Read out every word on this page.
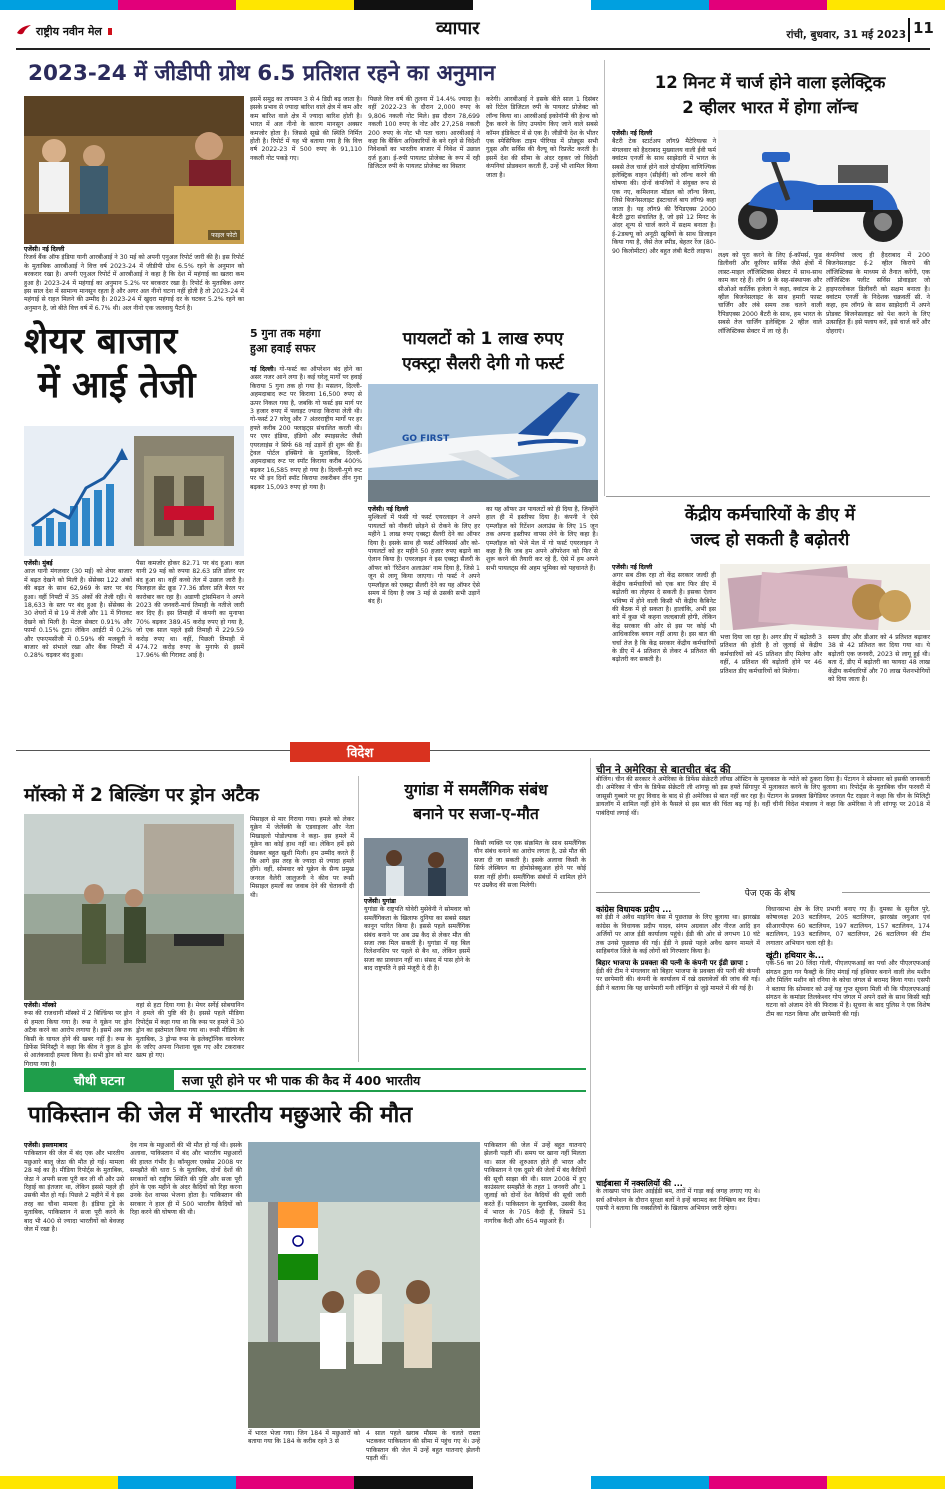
राष्ट्रीय नवीन मेल	व्यापार	रांची, बुधवार, 31 मई 2023 11
2023-24 में जीडीपी ग्रोथ 6.5 प्रतिशत रहने का अनुमान
फाइल फोटो
एजेंसी। नई दिल्ली
रिजर्व बैंक ऑफ इंडिया यानी आरबीआई ने 30 मई को अपनी एनुअल रिपोर्ट जारी की है। इस रिपोर्ट के मुताबिक आरबीआई ने वित्त वर्ष 2023-24 में जीडीपी ग्रोथ 6.5% रहने के अनुमान को बरकरार रखा है। अपनी एनुअल रिपोर्ट में आरबीआई ने कहा है कि देश में महंगाई का खतरा कम हुआ है। 2023-24 में महंगाई का अनुमान 5.2% पर बरकरार रखा है। रिपोर्ट के मुताबिक अगर इस साल देश में सामान्य मानसून रहता है और अगर अल नीनो घटना नहीं होती है तो 2023-24 में महंगाई से राहत मिलने की उम्मीद है। 2023-24 में खुदरा महंगाई दर के घटकर 5.2% रहने का अनुमान है, जो बीते वित्त वर्ष में 6.7% थी। अल नीनो एक जलवायु पैटर्न है।
इसमें समुद्र का तापमान 3 से 4 डिग्री बढ़ जाता है। इसके प्रभाव से ज्यादा बारिश वाले क्षेत्र में कम और कम बारिश वाले क्षेत्र में ज्यादा बारिश होती है। भारत में अल नीनो के कारण मानसून अक्सर कमजोर होता है। जिससे सूखे की स्थिति निर्मित होती है। रिपोर्ट में यह भी बताया गया है कि वित्त वर्ष 2022-23 में 500 रुपए के 91,110 नकली नोट पकड़े गए।
पिछले वित्त वर्ष की तुलना में 14.4% ज्यादा है। वहीं 2022-23 के दौरान 2,000 रुपए के 9,806 नकली नोट मिले। इस दौरान 78,699 नकली 100 रुपए के नोट और 27,258 नकली 200 रुपए के नोट भी पता चला। आरबीआई ने कहा कि बैंकिंग अधिकारियों के बने रहने से विदेशी निवेशकों का भारतीय बाजार में निवेश में उछाल दर्ज हुआ। ई-रुपी पायलट प्रोजेक्ट के रूप में रही डिजिटल रुपी के पायलट प्रोजेक्ट का विस्तार
करेगी। आरबीआई ने इसके बीते साल 1 दिसंबर को रिटेल डिजिटल रुपी के पायलट प्रोजेक्ट को लॉन्च किया था। आरबीआई इकोनॉमी की हेल्थ को ट्रैक करने के लिए उपयोग किए जाने वाले सबसे कॉमन इंडिकेटर में से एक है। जीडीपी देश के भीतर एक स्पेसिफिक टाइम पीरियड में प्रोड्यूस सभी गुड्स और सर्विस की वैल्यू को रिप्रजेंट करती है। इसमें देश की सीमा के अंदर रहकर जो विदेशी कंपनियां प्रोडक्शन करती हैं, उन्हें भी शामिल किया जाता है।
12 मिनट में चार्ज होने वाला इलेक्ट्रिक
2 व्हीलर भारत में होगा लॉन्च
एजेंसी। नई दिल्ली
बैटरी टेक स्टार्टअप लॉग9 मैटेरियल्स ने मंगलवार को हैदराबाद मुख्यालय वाली ईवी फर्म क्वांटम एनर्जी के साथ साझेदारी में भारत के सबसे तेज चार्ज होने वाले दोपहिया वाणिज्यिक इलेक्ट्रिक वाहन (सीईवी) को लॉन्च करने की घोषणा की। दोनों कंपनियों ने संयुक्त रूप से एक नए, कमिशनल मॉडल को लॉन्च किया, जिसे बिजनेसलाइट इंस्टाचार्ज बाय लॉग9 कहा जाता है। यह लॉग9 की रैपिडएक्स 2000 बैटरी द्वारा संचालित है, जो इसे 12 मिनट के अंदर शून्य से चार्ज करने में सक्षम बनाता है। ई-2डब्ल्यू को अनूठी खूबियों के साथ डिजाइन किया गया है, जैसे तेज स्पीड, बेहतर रेंज (80-90 किलोमीटर) और बहुत लंबी बैटरी लाइफ।
लक्ष्य को पूरा करने के लिए ई-कॉमर्स, फूड डिलीवरी और कूरियर सर्विस जैसे क्षेत्रों में लास्ट-माइल लॉजिस्टिक्स सेक्टर में साथ-साथ काम कर रहे हैं। लॉग 9 के सह-संस्थापक और सीओओ कार्तिक हजेला ने कहा, क्वांटम के 2 व्हील बिजनेसलाइट के साथ हमारी फास्ट चार्जिंग और लंबे समय तक चलने वाली रैपिडएक्स 2000 बैटरी के साथ, हम भारत के सबसे तेज चार्जिंग इलेक्ट्रिक 2 व्हील वाले लॉजिस्टिक्स सेक्टर में ला रहे हैं।
कंपनियां जल्द ही हैदराबाद में 200 बिजनेसलाइट ई-2 व्हील किराये की लॉजिस्टिक्स के माध्यम से तैनात करेंगी, एक लॉजिस्टिक फ्लीट सर्विस प्रोवाइडर जो हाइपरलोकल डिलीवरी को सक्षम बनाता है। क्वांटम एनर्जी के निदेशक चक्रवर्ती सी. ने कहा, हम लॉग9 के साथ साझेदारी में अपने प्रोडक्ट बिजनेसलाइट को पेश करने के लिए उत्साहित हैं। इसे फ्लाय करें, इसे चार्ज करें और दोहराएं।
शेयर बाजार
में आई तेजी
एजेंसी। मुंबई
आज यानी मंगलवार (30 मई) को शेयर बाजार में बढ़त देखने को मिली है। सेंसेक्स 122 अंकों की बढ़त के साथ 62,969 के स्तर पर बंद हुआ। वहीं निफ्टी में 35 अंकों की तेजी रही। ये 18,633 के स्तर पर बंद हुआ है। सेंसेक्स के 30 शेयरों में से 19 में तेजी और 11 में गिरावट देखने को मिली है। मेटल सेक्टर 0.91% और फार्मा 0.15% टूटा। लेकिन आईटी में 0.2% और एफएमसीजी में 0.59% की मजबूती ने बाजार को संभाले रखा और बैंक निफ्टी में 0.28% चढ़कर बंद हुआ।
पैसा कमजोर होकर 82.71 पर बंद हुआ। कल यानी 29 मई को रुपया 82.63 प्रति डॉलर पर बंद हुआ था। वहीं कच्चे तेल में उछाल जारी है। फिलहाल ब्रेंट क्रूड 77.36 डॉलर प्रति बैरल पर कारोबार कर रहा है। अडाणी ट्रांसमिशन ने अपने 2023 की जनवरी-मार्च तिमाही के नतीजे जारी कर दिए हैं। इस तिमाही में कंपनी का मुनाफा 70% बढ़कर 389.45 करोड़ रुपए हो गया है, जो एक साल पहले इसी तिमाही में 229.59 करोड़ रुपए था। वहीं, पिछली तिमाही में 474.72 करोड़ रुपए के मुनाफे से इसमें 17.96% की गिरावट आई है।
5 गुना तक महंगा
हुआ हवाई सफर
नई दिल्ली। गो-फर्स्ट का ऑपरेशन बंद होने का असर नजर आने लगा है। कई घरेलू मार्गों पर हवाई किराया 5 गुना तक हो गया है। मसलन, दिल्ली-अहमदाबाद रूट पर किराया 16,500 रुपए से ऊपर निकल गया है, जबकि गो फर्स्ट इस मार्ग पर 3 हजार रुपए में फ्लाइट ज्यादा किराया लेती थी। गो-फर्स्ट 27 घरेलू और 7 अंतरराष्ट्रीय मार्गों पर हर हफ्ते करीब 200 फ्लाइट्स संचालित करती थी। पर एयर इंडिया, इंडिगो और स्पाइसजेट जैसी एयरलाइंस ने सिर्फ 68 नई उड़ानें ही शुरू की हैं। ट्रेवल पोर्टल इक्सिगो के मुताबिक, दिल्ली-अहमदाबाद रूट पर स्पॉट किराया करीब 400% बढ़कर 16,585 रुपए हो गया है। दिल्ली-पुणे रूट पर भी इन दिनों स्पॉट किराया तकरीबन तीन गुना बढ़कर 15,093 रुपए हो गया है।
पायलटों को 1 लाख रुपए
एक्स्ट्रा सैलरी देगी गो फर्स्ट
GO FIRST
एजेंसी। नई दिल्ली
मुश्किलों में फंसी गो फर्स्ट एयरलाइन ने अपने पायलटों को नौकरी छोड़ने से रोकने के लिए हर महीने 1 लाख रुपए एक्स्ट्रा सैलरी देने का ऑफर दिया है। इसके साथ ही फर्स्ट ऑफिसर्स और को-पायलटों को हर महीने 50 हजार रुपए बढ़ाने का ऐलान किया है। एयरलाइन ने इस एक्स्ट्रा सैलरी के ऑफर को 'रिटेंशन अलाउंस' नाम दिया है, जिसे 1 जून से लागू किया जाएगा। गो फर्स्ट ने अपने एम्प्लॉइज को एक्स्ट्रा सैलरी देने का यह ऑफर ऐसे समय में दिया है जब 3 मई से उसकी सभी उड़ानें बंद हैं।
का यह ऑफर उन पायलटों को ही दिया है, जिन्होंने हाल ही में इस्तीफा दिया है। कंपनी ने ऐसे एम्प्लॉइज को रिटेंशन अलाउंस के लिए 15 जून तक अपना इस्तीफा वापस लेने के लिए कहा है। एम्प्लॉइज को भेजे मेल में गो फर्स्ट एयरलाइन ने कहा है कि जब हम अपने ऑपरेशन को फिर से शुरू करने की तैयारी कर रहे हैं, ऐसे में हम अपने सभी पायलट्स की अहम भूमिका को पहचानते हैं।
केंद्रीय कर्मचारियों के डीए में
जल्द हो सकती है बढ़ोतरी
एजेंसी। नई दिल्ली
अगर सब ठीक रहा तो केंद्र सरकार जल्दी ही केंद्रीय कर्मचारियों को एक बार फिर डीए में बढ़ोतरी का तोहफा दे सकती है। इसका ऐलान भविष्य में होने वाली किसी भी केंद्रीय कैबिनेट की बैठक में हो सकता है। हालांकि, अभी इस बारे में कुछ भी कहना जल्दबाजी होगी, लेकिन केंद्र सरकार की ओर से इस पर कोई भी आधिकारिक बयान नहीं आया है। इस बात की चर्चा तेज है कि केंद्र सरकार केंद्रीय कर्मचारियों के डीए में 4 प्रतिशत से लेकर 4 प्रतिशत की बढ़ोतरी कर सकती है।
भत्ता दिया जा रहा है। अगर डीए में बढ़ोतरी 3 प्रतिशत की होती है तो जुलाई से केंद्रीय कर्मचारियों को 45 प्रतिशत डीए मिलेगा और वहीं, 4 प्रतिशत की बढ़ोतरी होने पर 46 प्रतिशत डीए कर्मचारियों को मिलेगा।
समय डीए और डीआर को 4 प्रतिशत बढ़ाकर 38 से 42 प्रतिशत कर दिया गया था। ये बढ़ोतरी एक जनवरी, 2023 से लागू हुई थी। बता दें, डीए में बढ़ोतरी का फायदा 48 लाख केंद्रीय कर्मचारियों और 70 लाख पेंशनभोगियों को दिया जाता है।
विदेश
मॉस्को में 2 बिल्डिंग पर ड्रोन अटैक
एजेंसी। मॉस्को
रूस की राजधानी मॉस्को में 2 बिल्डिंग्स पर ड्रोन से हमला किया गया है। रूस ने यूक्रेन पर ड्रोन अटैक करने का आरोप लगाया है। इसमें अब तक किसी के घायल होने की खबर नहीं है। रूस के डिफेंस मिनिस्ट्री ने कहा कि कीव ने कुल 8 ड्रोन से आतंकवादी हमला किया है। सभी ड्रोन को मार गिराया गया है।
मिसाइल से मार गिराया गया। हमले को लेकर यूक्रेन में जेलेंस्की के एडवाइजर और नेता मिखाइलो पोडोल्याक ने कहा- इस हमले में यूक्रेन का कोई हाथ नहीं था। लेकिन हमें इसे देखकर बहुत खुशी मिली। हम उम्मीद करते हैं कि आगे इस तरह के ज्यादा से ज्यादा हमले होंगे। वहीं, सोमवार को यूक्रेन के सैन्य प्रमुख जनरल वैलेरी जालुजनी ने कीव पर रूसी मिसाइल हमलों का जवाब देने की चेतावनी दी थी।
वहां से हटा दिया गया है। मेयर सर्गेई सोबयानिन ने हमले की पुष्टि की है। इससे पहले मीडिया रिपोर्ट्स में कहा गया था कि रूस पर हमले में 30 ड्रोन का इस्तेमाल किया गया था। रूसी मीडिया के मुताबिक, 3 ड्रोन्स रूस के इलेक्ट्रॉनिक वारफेयर के जरिए अपना निशाना चूक गए और टकराकर खत्म हो गए।
युगांडा में समलैंगिक संबंध
बनाने पर सजा-ए-मौत
एजेंसी। युगांडा
युगांडा के राष्ट्रपति योवेरी मुसेवेनी ने सोमवार को समलैंगिकता के खिलाफ दुनिया का सबसे सख्त कानून पारित किया है। इससे पहले समलैंगिक संबंध बनाने पर अब उम्र कैद से लेकर मौत की सजा तक मिल सकती है। युगांडा में यह बिल रिलेशनशिप पर पहले से बैन था, लेकिन इसमें सजा का प्रावधान नहीं था। संसद में पास होने के बाद राष्ट्रपति ने इसे मंजूरी दे दी है।
किसी व्यक्ति पर एक संक्रमित के साथ समलैंगिक यौन संबंध बनाने का आरोप लगता है, उसे मौत की सजा दी जा सकती है। इसके अलावा किसी के सिर्फ लेस्बियन या होमोसेक्सुअल होने पर कोई सजा नहीं होगी। समलैंगिक संबंधों में शामिल होने पर उम्रकैद की सजा मिलेगी।
चीन ने अमेरिका से बातचीत बंद की
बीजिंग। चीन की सरकार ने अमेरिका के डिफेंस सेक्रेटरी लॉयड ऑस्टिन के मुलाकात के न्योते को ठुकरा दिया है। पेंटागन ने सोमवार को इसकी जानकारी दी। अमेरिका ने चीन के डिफेंस सेक्रेटरी ली शांगफू को इस हफ्ते सिंगापुर में मुलाकात करने के लिए बुलाया था। रिपोर्ट्स के मुताबिक चीन फरवरी में जासूसी गुब्बारे पर हुए विवाद के बाद से ही अमेरिका से बात नहीं कर रहा है। पेंटागन के प्रवक्ता ब्रिगेडियर जनरल पैट राइडर ने कहा कि चीन के मिलिट्री डायलॉग में शामिल नहीं होने के फैसले से इस बात की चिंता बढ़ गई है। वहीं चीनी विदेश मंत्रालय ने कहा कि अमेरिका ने ली शांगफू पर 2018 में पाबंदियां लगाई थीं।
पेज एक के शेष
कांग्रेस विधायक प्रदीप ...
को ईडी ने अवैध माइनिंग केस में पूछताछ के लिए बुलाया था। झारखंड कांग्रेस के विधायक प्रदीप यादव, संगम अग्रवाल और नीरज आदि इन अर्जियों पर आज ईडी कार्यालय पहुंचे। ईडी की ओर से लगभग 10 घंटे तक उनसे पूछताछ की गई। ईडी ने इससे पहले अवैध खनन मामले में साहिबगंज जिले के कई लोगों को गिरफ्तार किया है।
बिहार भाजपा के प्रवक्ता की पत्नी के कंपनी पर ईडी छापा :
ईडी की टीम ने मंगलवार को बिहार भाजपा के प्रवक्ता की पत्नी की कंपनी पर छापेमारी की। कंपनी के कार्यालय में रखे दस्तावेजों की जांच की गई। ईडी ने बताया कि यह छापेमारी मनी लॉन्ड्रिंग से जुड़े मामले में की गई है।
चाईबासा में नक्सलियों की ...
के लाखपा पांच प्रेशर आईईडी बम, तारों में गाड़ा कई जगह लगाए गए थे। सर्च ऑपरेशन के दौरान सुरक्षा बलों ने इन्हें बरामद कर निष्क्रिय कर दिया। एसपी ने बताया कि नक्सलियों के खिलाफ अभियान जारी रहेगा।
विधानसभा क्षेत्र के लिए प्रभारी बनाए गए हैं। दुमका के सुनील पुरे, कोषाध्यक्ष 203 बटालियन, 205 बटालियन, झारखंड जगुआर एवं सीआरपीएफ 60 बटालियन, 197 बटालियन, 157 बटालियन, 174 बटालियन, 193 बटालियन, 07 बटालियन, 26 बटालियन की टीम लगातार अभियान चला रही है।
खूंटी। हथियार के...
एके-56 का 20 जिंदा गोली, पीएलएफआई का पर्चा और पीएलएफआई संगठन द्वारा गन फैक्ट्री के लिए मंगाई गई हथियार बनाने वाली लेथ मशीन और मिलिंग मशीन को रनिया के कोचा जंगल से बरामद किया गया। एसपी ने बताया कि सोमवार को उन्हें यह गुप्त सूचना मिली थी कि पीएलएफआई संगठन के कमांडर तिलकेश्वर गोप जंगल में अपने दस्ते के साथ किसी बड़ी घटना को अंजाम देने की फिराक में है। सूचना के बाद पुलिस ने एक विशेष टीम का गठन किया और छापेमारी की गई।
चौथी घटना	सजा पूरी होने पर भी पाक की कैद में 400 भारतीय
पाकिस्तान की जेल में भारतीय मछुआरे की मौत
एजेंसी। इस्लामाबाद
पाकिस्तान की जेल में बंद एक और भारतीय मछुआरे बालू जेठा की मौत हो गई। मामला 28 मई का है। मीडिया रिपोर्ट्स के मुताबिक, जेठा ने अपनी सजा पूरी कर ली थी और उसे रिहाई का इंतजार था, लेकिन इससे पहले ही उसकी मौत हो गई। पिछले 2 महीने में ये इस तरह का चौथा मामला है। इंडिया टुडे के मुताबिक, पाकिस्तान ने सजा पूरी करने के बाद भी 400 से ज्यादा भारतीयों को बेवजह जेल में रखा है।
देव नाम के मछुआरों की भी मौत हो गई थी। इसके अलावा, पाकिस्तान में बंद और भारतीय मछुआरों की हालत गंभीर है। कॉन्सुलर एक्सेस 2008 पर समझौते की धारा 5 के मुताबिक, दोनों देशों की सरकारों को राष्ट्रीय स्थिति की पुष्टि और सजा पूरी होने के एक महीने के अंदर कैदियों को रिहा करना उनके देश वापस भेजना होता है। पाकिस्तान की सरकार ने हाल ही में 500 भारतीय कैदियों को रिहा करने की घोषणा की थी।
में भारत भेजा गया। जिन 184 में मछुआरों को बताया गया कि 184 के करीब रहने 3 से
4 साल पहले खराब मौसम के चलते रास्ता भटककर पाकिस्तान की सीमा में पहुंच गए थे। उन्हें पाकिस्तान की जेल में उन्हें बहुत यातनाएं झेलनी पड़ती थीं।
पाकिस्तान की जेल में उन्हें बहुत यातनाएं झेलनी पड़ती थीं। समय पर खाना नहीं मिलता था। साल की शुरुआत होते ही भारत और पाकिस्तान ने एक दूसरे की जेलों में बंद कैदियों की सूची साझा की थी। साल 2008 में हुए काउंसलर समझौते के तहत 1 जनवरी और 1 जुलाई को दोनों देश कैदियों की सूची जारी करते हैं। पाकिस्तान के मुताबिक, उसकी कैद में भारत के 705 कैदी हैं, जिसमें 51 नागरिक कैदी और 654 मछुआरे हैं।
